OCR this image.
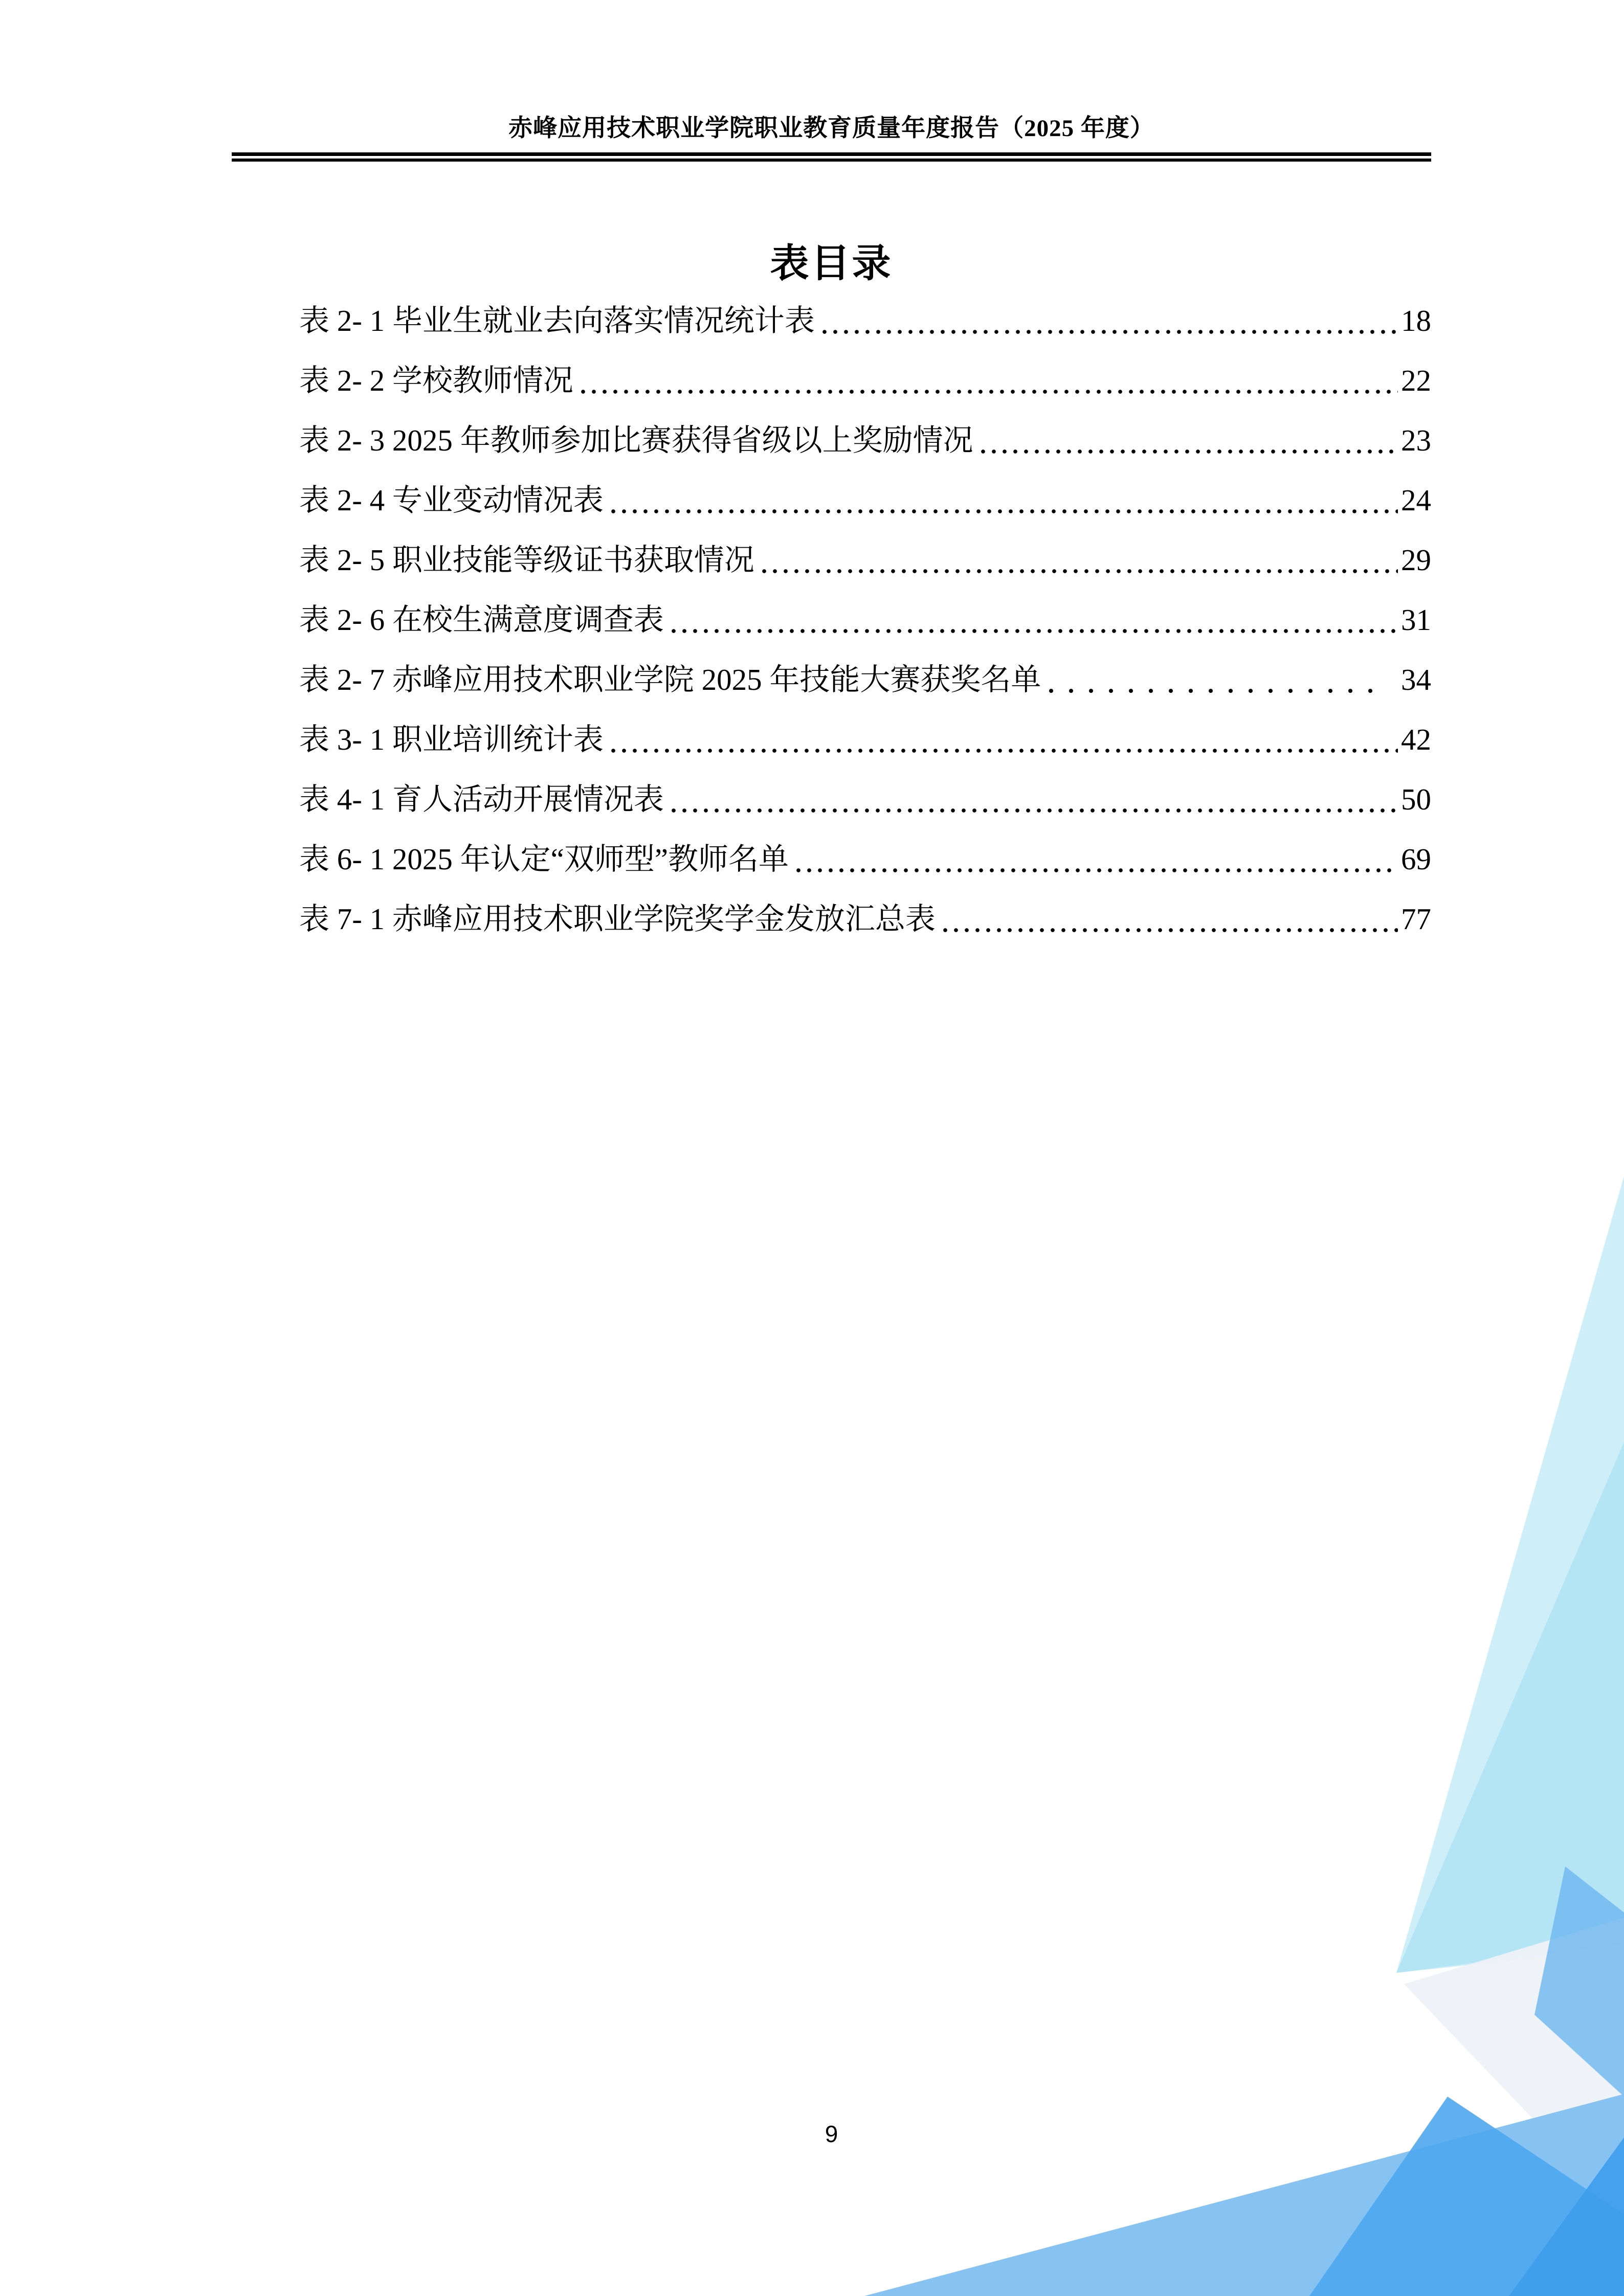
赤峰应用技术职业学院职业教育质量年度报告（2025 年度）
表目录
表 2- 1 毕业生就业去向落实情况统计表	18
表 2- 2 学校教师情况	22
表 2- 3 2025 年教师参加比赛获得省级以上奖励情况	23
表 2- 4 专业变动情况表	24
表 2- 5 职业技能等级证书获取情况	29
表 2- 6 在校生满意度调查表	31
表 2- 7 赤峰应用技术职业学院 2025 年技能大赛获奖名单	34
表 3- 1 职业培训统计表	42
表 4- 1 育人活动开展情况表	50
表 6- 1 2025 年认定“双师型”教师名单	69
表 7- 1 赤峰应用技术职业学院奖学金发放汇总表	77
9
